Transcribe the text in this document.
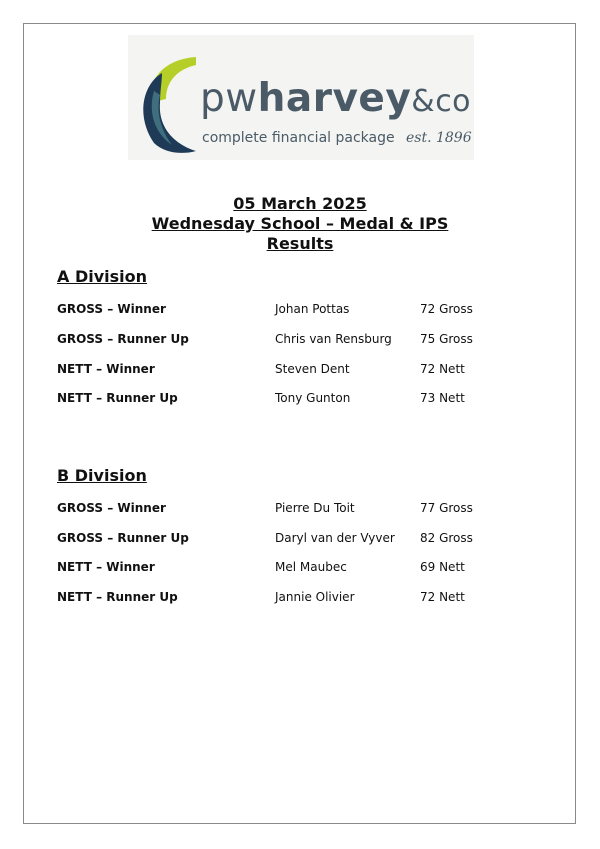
pwharvey&co
complete financial package est. 1896
05 March 2025
Wednesday School – Medal & IPS
Results
A Division
GROSS – Winner	Johan Pottas	72 Gross
GROSS – Runner Up	Chris van Rensburg 75 Gross
NETT – Winner	Steven Dent	72 Nett
NETT – Runner Up	Tony Gunton	73 Nett
B Division
GROSS – Winner	Pierre Du Toit	77 Gross
GROSS – Runner Up	Daryl van der Vyver 82 Gross
NETT – Winner	Mel Maubec	69 Nett
NETT – Runner Up	Jannie Olivier	72 Nett
